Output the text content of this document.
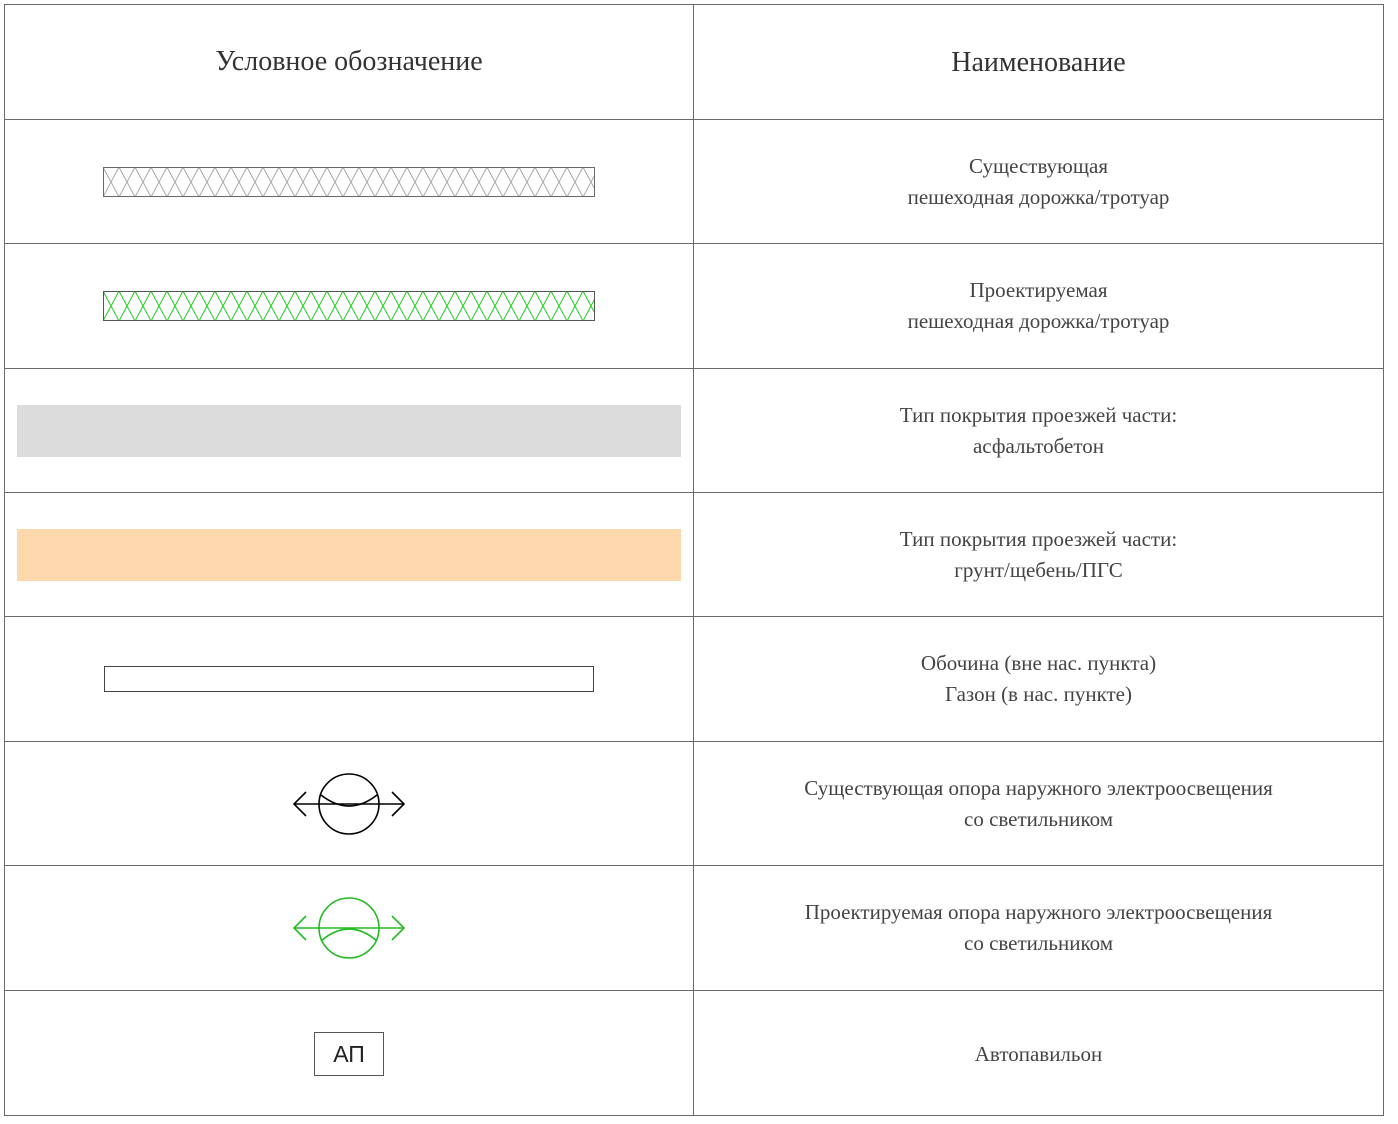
Условное обозначение	Наименование
Существующая
пешеходная дорожка/тротуар
Проектируемая
пешеходная дорожка/тротуар
Тип покрытия проезжей части:
асфальтобетон
Тип покрытия проезжей части:
грунт/щебень/ПГС
Обочина (вне нас. пункта)
Газон (в нас. пункте)
Существующая опора наружного электроосвещения
со светильником
Проектируемая опора наружного электроосвещения
со светильником
АП	Автопавильон
